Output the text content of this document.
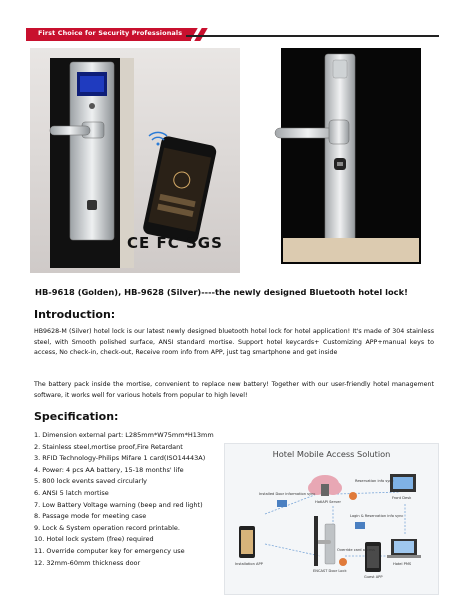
First Choice for Security Professionals
CE FC SGS
HB-9618 (Golden), HB-9628 (Silver)----the newly designed Bluetooth hotel lock!
Introduction:
HB9628-M (Silver) hotel lock is our latest newly designed bluetooth hotel lock for hotel application! It's made of 304 stainless steel, with Smooth polished surface, ANSI standard mortise. Support hotel keycards+ Customizing APP+manual keys to access, No check-in, check-out, Receive room info from APP, just tag smartphone and get inside
The battery pack inside the mortise, convenient to replace new battery! Together with our user-friendly hotel management software, it works well for various hotels from popular to high level!
Specification:
1. Dimension external part: L285mm*W75mm*H13mm
2. Stainless steel,mortise proof,Fire Retardant
3. RFID Technology-Philips Mifare 1 card(ISO14443A)
4. Power: 4 pcs AA battery, 15-18 months' life
5. 800 lock events saved circularly
6. ANSI 5 latch mortise
7. Low Battery Voltage warning (beep and red light)
8. Passage mode for meeting case
9. Lock & System operation record printable.
10. Hotel lock system (free) required
11. Override computer key for emergency use
12. 32mm-60mm thickness door
Hotel Mobile Access Solution
Installed Door information sync
HotlAPI Server
Reservation info sync
Front Desk
Login & Reservation info sync
Installation APP
ENCAST Door Lock
Override card access
Guest APP
Hotel PMS
